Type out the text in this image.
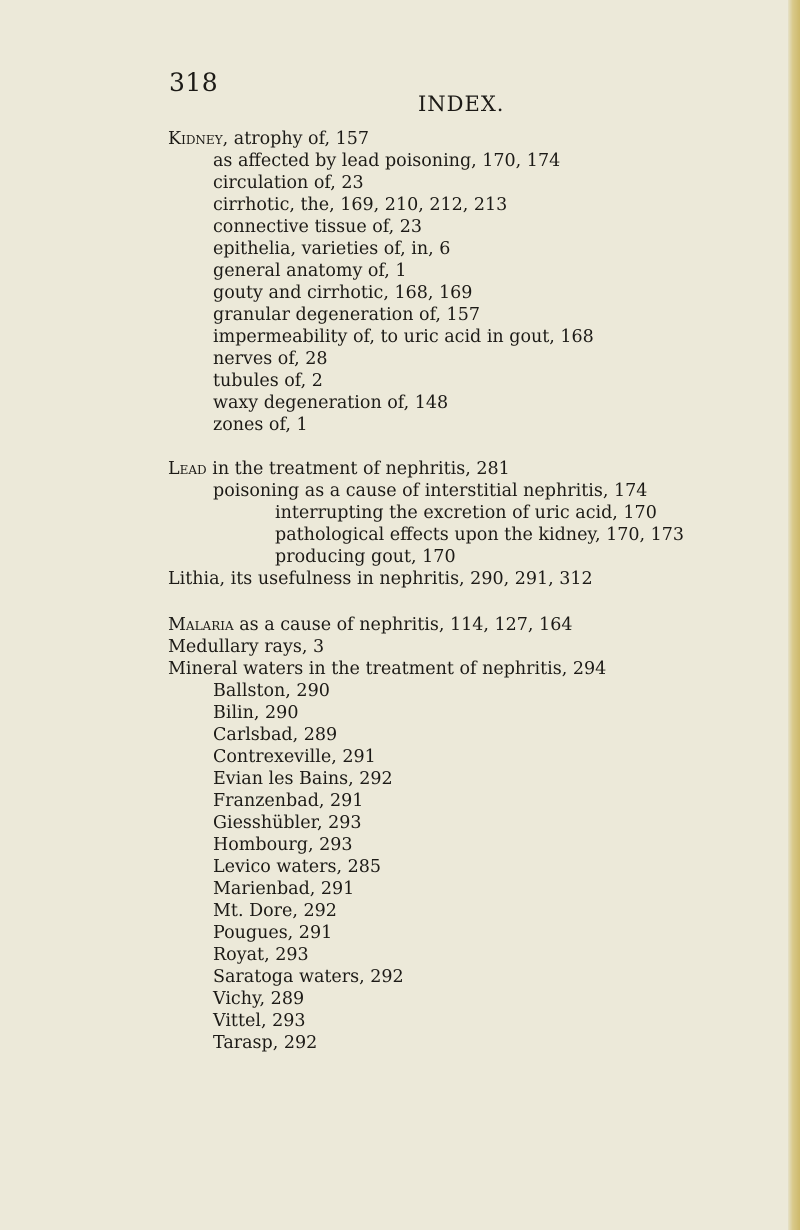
318
INDEX.
Kidney, atrophy of, 157
as affected by lead poisoning, 170, 174
circulation of, 23
cirrhotic, the, 169, 210, 212, 213
connective tissue of, 23
epithelia, varieties of, in, 6
general anatomy of, 1
gouty and cirrhotic, 168, 169
granular degeneration of, 157
impermeability of, to uric acid in gout, 168
nerves of, 28
tubules of, 2
waxy degeneration of, 148
zones of, 1
Lead in the treatment of nephritis, 281
poisoning as a cause of interstitial nephritis, 174
interrupting the excretion of uric acid, 170
pathological effects upon the kidney, 170, 173
producing gout, 170
Lithia, its usefulness in nephritis, 290, 291, 312
Malaria as a cause of nephritis, 114, 127, 164
Medullary rays, 3
Mineral waters in the treatment of nephritis, 294
Ballston, 290
Bilin, 290
Carlsbad, 289
Contrexeville, 291
Evian les Bains, 292
Franzenbad, 291
Giesshübler, 293
Hombourg, 293
Levico waters, 285
Marienbad, 291
Mt. Dore, 292
Pougues, 291
Royat, 293
Saratoga waters, 292
Vichy, 289
Vittel, 293
Tarasp, 292
